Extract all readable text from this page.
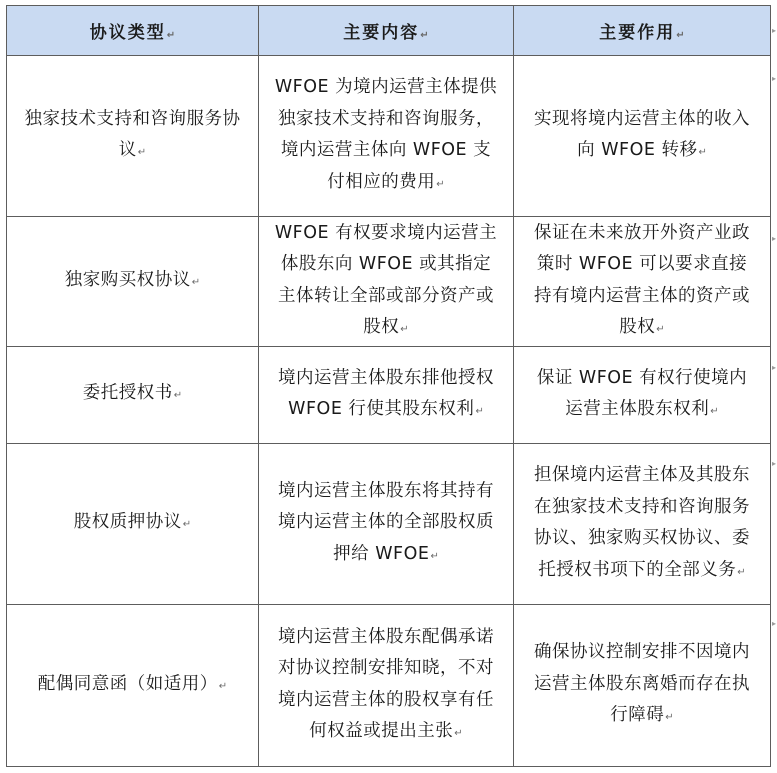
协议类型↵	主要内容↵	主要作用↵
独家技术支持和咨询服务协议↵	WFOE 为境内运营主体提供独家技术支持和咨询服务，境内运营主体向 WFOE 支付相应的费用↵	实现将境内运营主体的收入向 WFOE 转移↵
独家购买权协议↵	WFOE 有权要求境内运营主体股东向 WFOE 或其指定主体转让全部或部分资产或股权↵	保证在未来放开外资产业政策时 WFOE 可以要求直接持有境内运营主体的资产或股权↵
委托授权书↵	境内运营主体股东排他授权 WFOE 行使其股东权利↵	保证 WFOE 有权行使境内运营主体股东权利↵
股权质押协议↵	境内运营主体股东将其持有境内运营主体的全部股权质押给 WFOE↵	担保境内运营主体及其股东在独家技术支持和咨询服务协议、独家购买权协议、委托授权书项下的全部义务↵
配偶同意函（如适用）↵	境内运营主体股东配偶承诺对协议控制安排知晓，不对境内运营主体的股权享有任何权益或提出主张↵	确保协议控制安排不因境内运营主体股东离婚而存在执行障碍↵
▸
▸
▸
▸
▸
▸
